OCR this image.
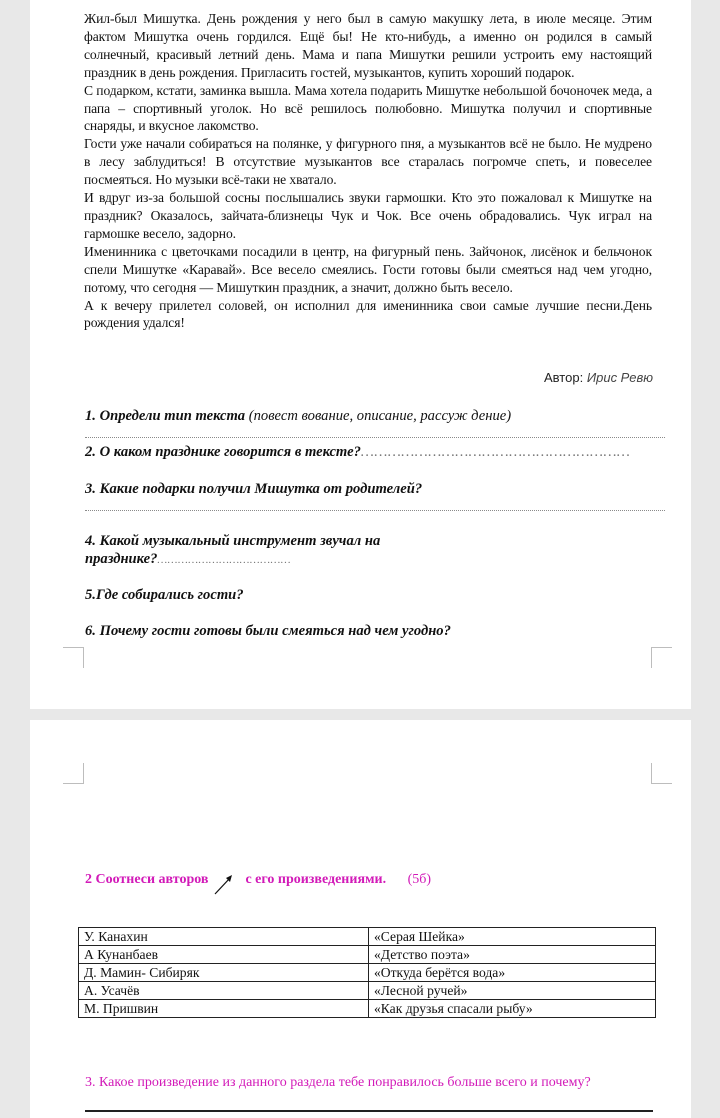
Жил-был Мишутка. День рождения у него был в самую макушку лета, в июле месяце. Этим фактом Мишутка очень гордился. Ещё бы! Не кто-нибудь, а именно он родился в самый солнечный, красивый летний день. Мама и папа Мишутки решили устроить ему настоящий праздник в день рождения. Пригласить гостей, музыкантов, купить хороший подарок.

С подарком, кстати, заминка вышла. Мама хотела подарить Мишутке небольшой бочоночек меда, а папа – спортивный уголок. Но всё решилось полюбовно. Мишутка получил и спортивные снаряды, и вкусное лакомство.

Гости уже начали собираться на полянке, у фигурного пня, а музыкантов всё не было. Не мудрено в лесу заблудиться! В отсутствие музыкантов все старалась погромче спеть, и повеселее посмеяться. Но музыки всё-таки не хватало.

И вдруг из-за большой сосны послышались звуки гармошки. Кто это пожаловал к Мишутке на праздник? Оказалось, зайчата-близнецы Чук и Чок. Все очень обрадовались. Чук играл на гармошке весело, задорно.

Именинника с цветочками посадили в центр, на фигурный пень. Зайчонок, лисёнок и бельчонок спели Мишутке «Каравай». Все весело смеялись. Гости готовы были смеяться над чем угодно, потому, что сегодня — Мишуткин праздник, а значит, должно быть весело.

А к вечеру прилетел соловей, он исполнил для именинника свои самые лучшие песни.День рождения удался!

Автор: Ирис Ревю
1. Определи тип текста (повест вование, описание, рассуж дение)
2. О каком празднике говорится в тексте?……………………………………………………
3. Какие подарки получил Мишутка от родителей?
4. Какой музыкальный инструмент звучал на
празднике?…………………………………
5.Где собирались гости?
6. Почему гости готовы были смеяться над чем угодно?
2 Соотнеси авторов	с его произведениями. (5б)
У. Канахин	«Серая Шейка»
А Кунанбаев	«Детство поэта»
Д. Мамин- Сибиряк	«Откуда берётся вода»
А. Усачёв	«Лесной ручей»
М. Пришвин	«Как друзья спасали рыбу»
3. Какое произведение из данного раздела тебе понравилось больше всего и почему?
